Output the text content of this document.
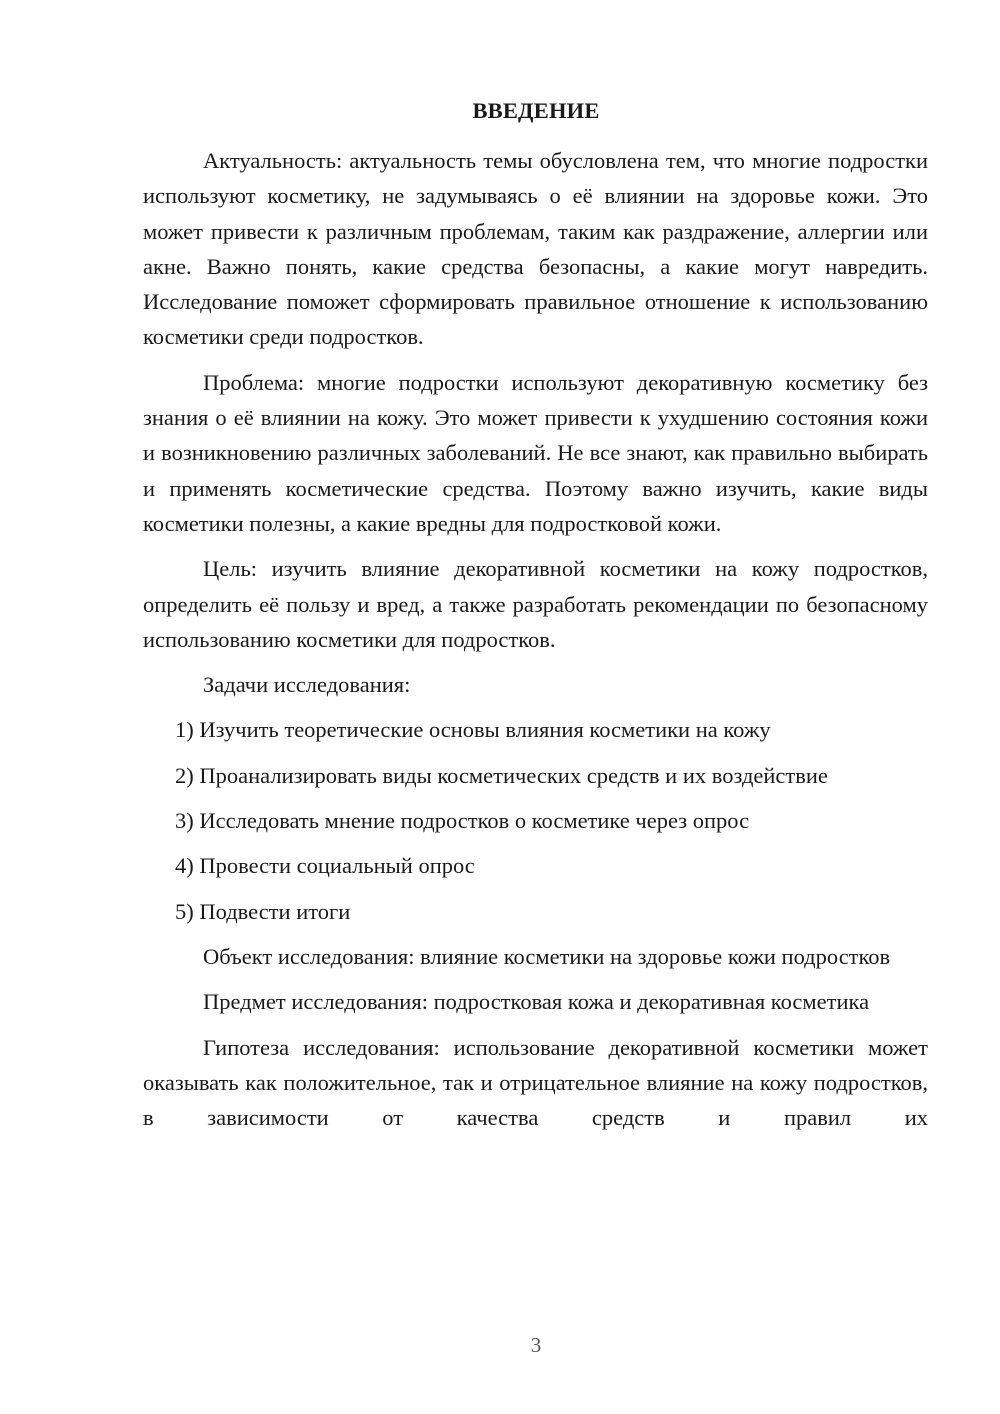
ВВЕДЕНИЕ

Актуальность: актуальность темы обусловлена тем, что многие подростки используют косметику, не задумываясь о её влиянии на здоровье кожи. Это может привести к различным проблемам, таким как раздражение, аллергии или акне. Важно понять, какие средства безопасны, а какие могут навредить. Исследование поможет сформировать правильное отношение к использованию косметики среди подростков.

Проблема: многие подростки используют декоративную косметику без знания о её влиянии на кожу. Это может привести к ухудшению состояния кожи и возникновению различных заболеваний. Не все знают, как правильно выбирать и применять косметические средства. Поэтому важно изучить, какие виды косметики полезны, а какие вредны для подростковой кожи.

Цель: изучить влияние декоративной косметики на кожу подростков, определить её пользу и вред, а также разработать рекомендации по безопасному использованию косметики для подростков.

Задачи исследования:

1) Изучить теоретические основы влияния косметики на кожу
2) Проанализировать виды косметических средств и их воздействие
3) Исследовать мнение подростков о косметике через опрос
4) Провести социальный опрос
5) Подвести итоги

Объект исследования: влияние косметики на здоровье кожи подростков

Предмет исследования: подростковая кожа и декоративная косметика

Гипотеза исследования: использование декоративной косметики может оказывать как положительное, так и отрицательное влияние на кожу подростков, в зависимости от качества средств и правил их

3
